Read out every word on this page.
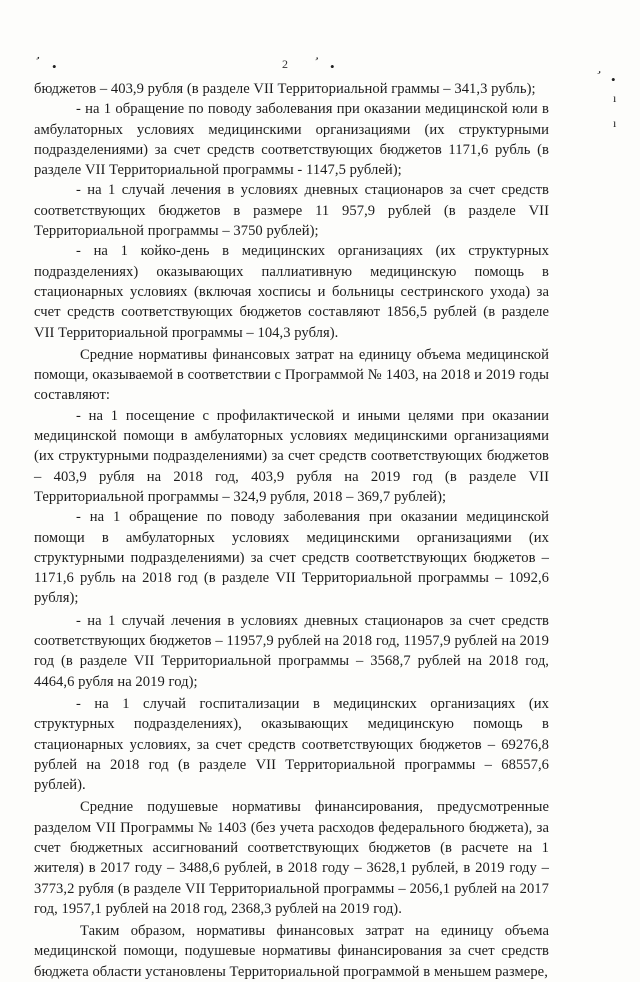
2
,
•
,
•	,
•
ı
ı

бюджетов – 403,9 рубля (в разделе VII Территориальной граммы – 341,3 рубль);

- на 1 обращение по поводу заболевания при оказании медицинской юли в амбулаторных условиях медицинскими организациями (их структурными подразделениями) за счет средств соответствующих бюджетов 1171,6 рубль (в разделе VII Территориальной программы - 1147,5 рублей);

- на 1 случай лечения в условиях дневных стационаров за счет средств соответствующих бюджетов в размере 11 957,9 рублей (в разделе VII Территориальной программы – 3750 рублей);

- на 1 койко-день в медицинских организациях (их структурных подразделениях) оказывающих паллиативную медицинскую помощь в стационарных условиях (включая хосписы и больницы сестринского ухода) за счет средств соответствующих бюджетов составляют 1856,5 рублей (в разделе VII Территориальной программы – 104,3 рубля).

Средние нормативы финансовых затрат на единицу объема медицинской помощи, оказываемой в соответствии с Программой № 1403, на 2018 и 2019 годы составляют:

- на 1 посещение с профилактической и иными целями при оказании медицинской помощи в амбулаторных условиях медицинскими организациями (их структурными подразделениями) за счет средств соответствующих бюджетов – 403,9 рубля на 2018 год, 403,9 рубля на 2019 год (в разделе VII Территориальной программы – 324,9 рубля, 2018 – 369,7 рублей);

- на 1 обращение по поводу заболевания при оказании медицинской помощи в амбулаторных условиях медицинскими организациями (их структурными подразделениями) за счет средств соответствующих бюджетов – 1171,6 рубль на 2018 год (в разделе VII Территориальной программы – 1092,6 рубля);

- на 1 случай лечения в условиях дневных стационаров за счет средств соответствующих бюджетов – 11957,9 рублей на 2018 год, 11957,9 рублей на 2019 год (в разделе VII Территориальной программы – 3568,7 рублей на 2018 год, 4464,6 рубля на 2019 год);

- на 1 случай госпитализации в медицинских организациях (их структурных подразделениях), оказывающих медицинскую помощь в стационарных условиях, за счет средств соответствующих бюджетов – 69276,8 рублей на 2018 год (в разделе VII Территориальной программы – 68557,6 рублей).

Средние подушевые нормативы финансирования, предусмотренные разделом VII Программы № 1403 (без учета расходов федерального бюджета), за счет бюджетных ассигнований соответствующих бюджетов (в расчете на 1 жителя) в 2017 году – 3488,6 рублей, в 2018 году – 3628,1 рублей, в 2019 году – 3773,2 рубля (в разделе VII Территориальной программы – 2056,1 рублей на 2017 год, 1957,1 рублей на 2018 год, 2368,3 рублей на 2019 год).

Таким образом, нормативы финансовых затрат на единицу объема медицинской помощи, подушевые нормативы финансирования за счет средств бюджета области установлены Территориальной программой в меньшем размере,
